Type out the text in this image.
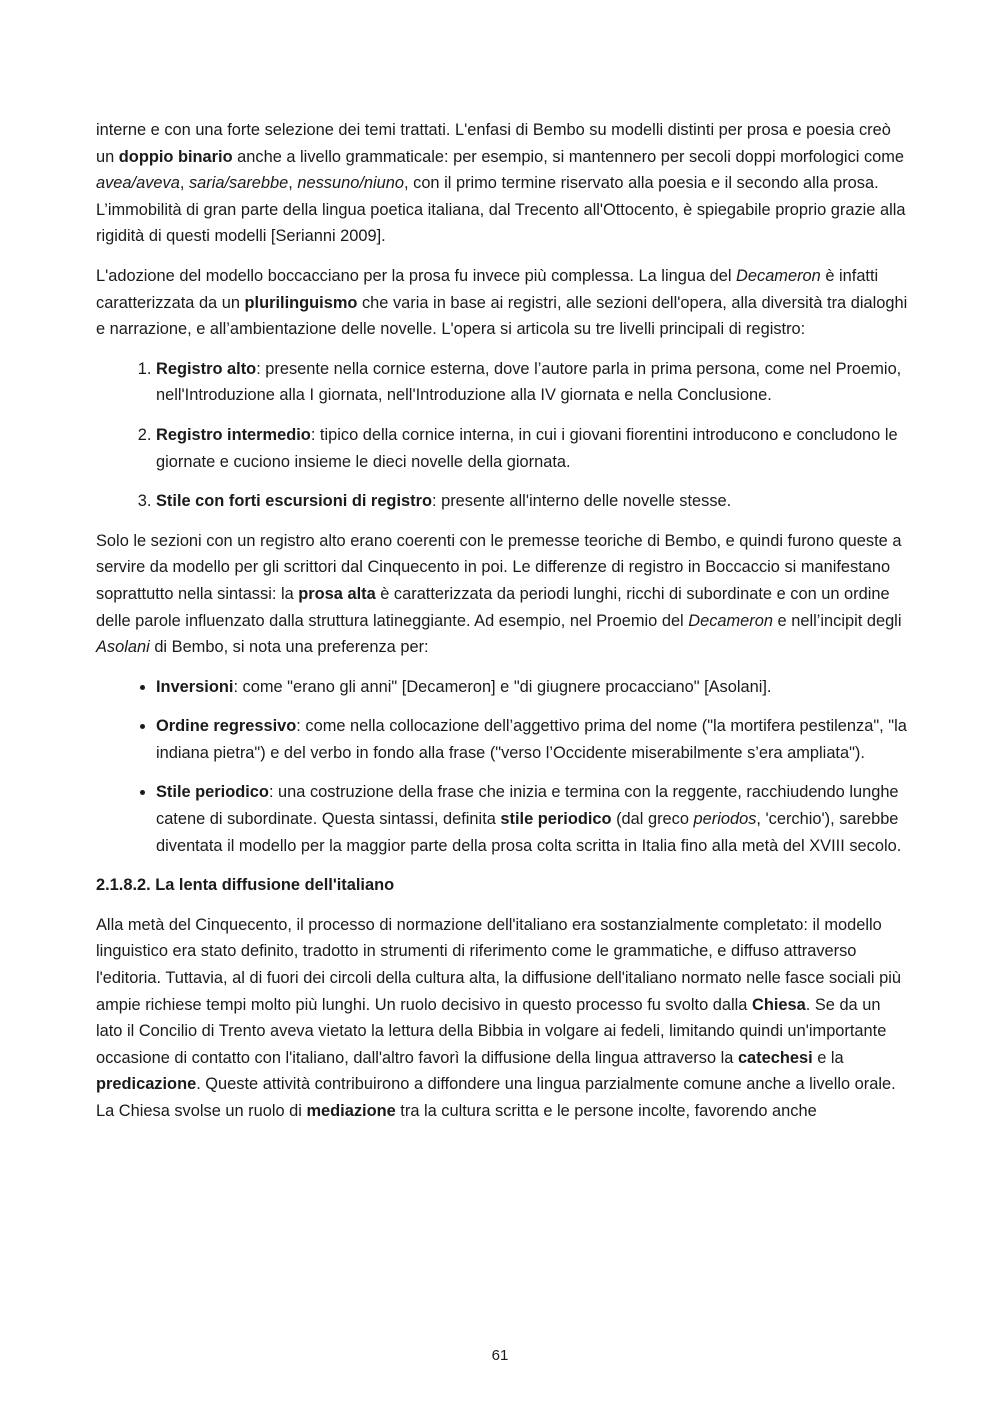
interne e con una forte selezione dei temi trattati. L'enfasi di Bembo su modelli distinti per prosa e poesia creò un doppio binario anche a livello grammaticale: per esempio, si mantennero per secoli doppi morfologici come avea/aveva, saria/sarebbe, nessuno/niuno, con il primo termine riservato alla poesia e il secondo alla prosa. L’immobilità di gran parte della lingua poetica italiana, dal Trecento all'Ottocento, è spiegabile proprio grazie alla rigidità di questi modelli [Serianni 2009].

L'adozione del modello boccacciano per la prosa fu invece più complessa. La lingua del Decameron è infatti caratterizzata da un plurilinguismo che varia in base ai registri, alle sezioni dell'opera, alla diversità tra dialoghi e narrazione, e all’ambientazione delle novelle. L'opera si articola su tre livelli principali di registro:

1. Registro alto: presente nella cornice esterna, dove l’autore parla in prima persona, come nel Proemio, nell'Introduzione alla I giornata, nell'Introduzione alla IV giornata e nella Conclusione.
2. Registro intermedio: tipico della cornice interna, in cui i giovani fiorentini introducono e concludono le giornate e cuciono insieme le dieci novelle della giornata.
3. Stile con forti escursioni di registro: presente all'interno delle novelle stesse.

Solo le sezioni con un registro alto erano coerenti con le premesse teoriche di Bembo, e quindi furono queste a servire da modello per gli scrittori dal Cinquecento in poi. Le differenze di registro in Boccaccio si manifestano soprattutto nella sintassi: la prosa alta è caratterizzata da periodi lunghi, ricchi di subordinate e con un ordine delle parole influenzato dalla struttura latineggiante. Ad esempio, nel Proemio del Decameron e nell’incipit degli Asolani di Bembo, si nota una preferenza per:

• Inversioni: come "erano gli anni" [Decameron] e "di giugnere procacciano" [Asolani].
• Ordine regressivo: come nella collocazione dell’aggettivo prima del nome ("la mortifera pestilenza", "la indiana pietra") e del verbo in fondo alla frase ("verso l’Occidente miserabilmente s’era ampliata").
• Stile periodico: una costruzione della frase che inizia e termina con la reggente, racchiudendo lunghe catene di subordinate. Questa sintassi, definita stile periodico (dal greco periodos, 'cerchio'), sarebbe diventata il modello per la maggior parte della prosa colta scritta in Italia fino alla metà del XVIII secolo.
2.1.8.2. La lenta diffusione dell'italiano

Alla metà del Cinquecento, il processo di normazione dell'italiano era sostanzialmente completato: il modello linguistico era stato definito, tradotto in strumenti di riferimento come le grammatiche, e diffuso attraverso l'editoria. Tuttavia, al di fuori dei circoli della cultura alta, la diffusione dell'italiano normato nelle fasce sociali più ampie richiese tempi molto più lunghi. Un ruolo decisivo in questo processo fu svolto dalla Chiesa. Se da un lato il Concilio di Trento aveva vietato la lettura della Bibbia in volgare ai fedeli, limitando quindi un'importante occasione di contatto con l'italiano, dall'altro favorì la diffusione della lingua attraverso la catechesi e la predicazione. Queste attività contribuirono a diffondere una lingua parzialmente comune anche a livello orale. La Chiesa svolse un ruolo di mediazione tra la cultura scritta e le persone incolte, favorendo anche

61
